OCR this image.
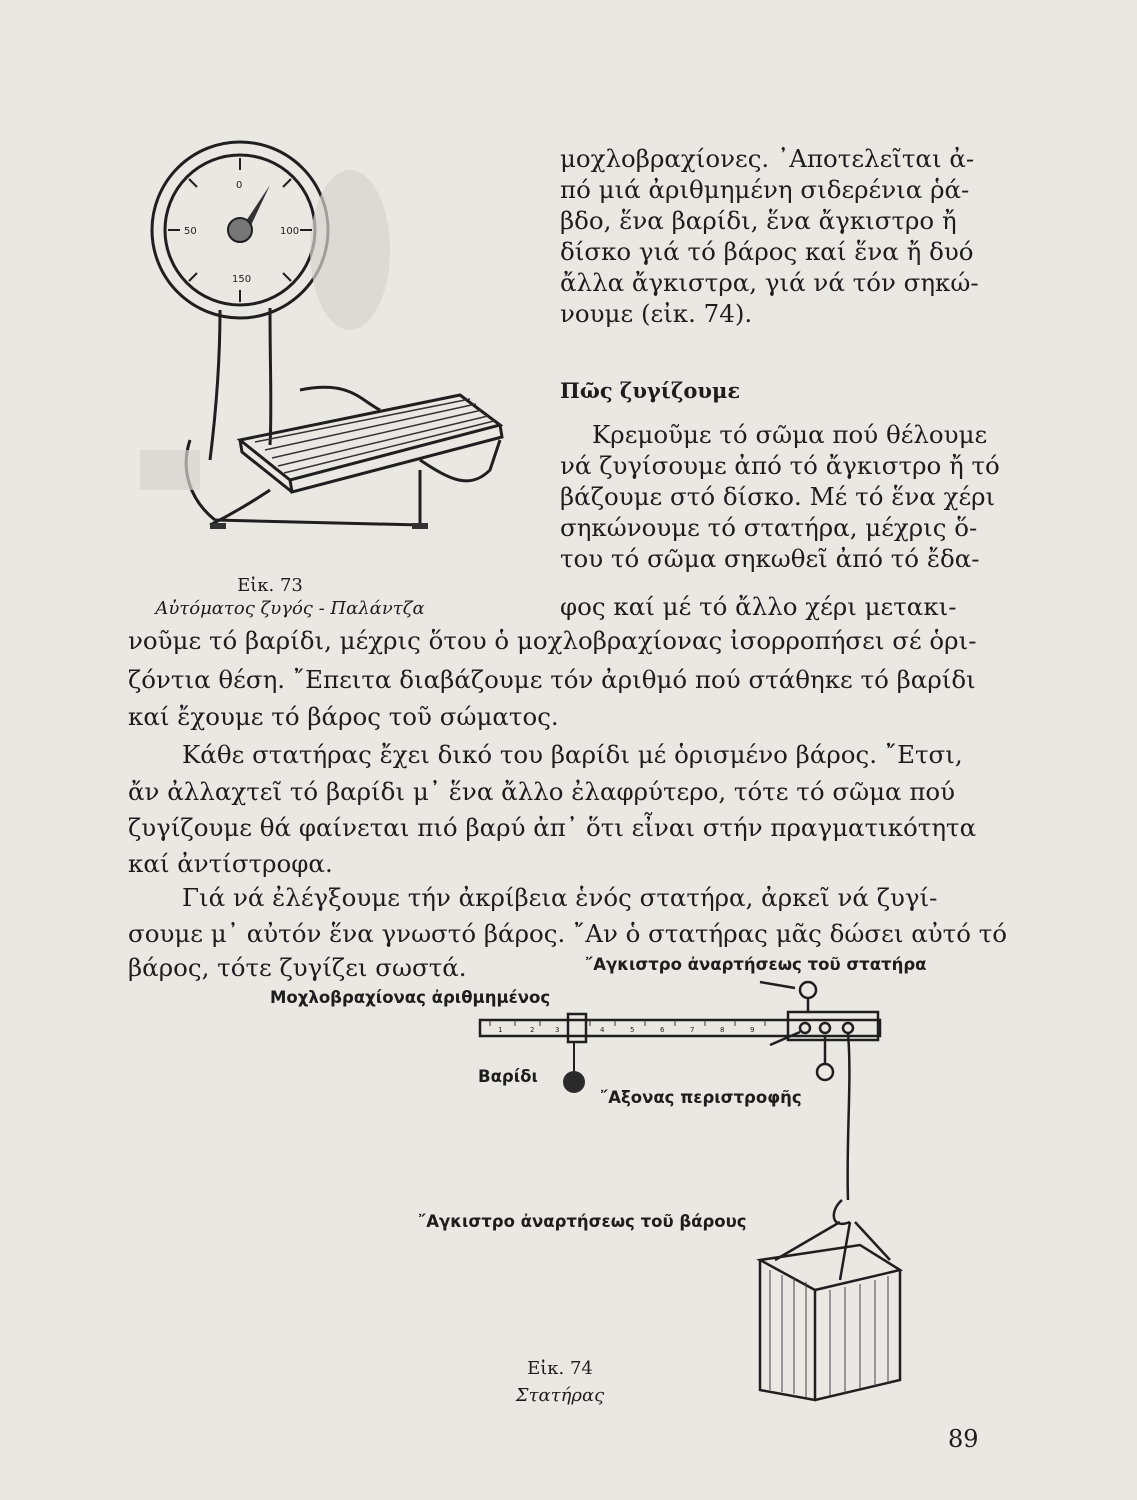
0
100
150
50
Εἰκ. 73
Αὐτόματος ζυγός - Παλάντζα
μοχλοβραχίονες. ᾿Αποτελεῖται ἀ-
πό μιά ἀριθμημένη σιδερένια ῥά-
βδο, ἕνα βαρίδι, ἕνα ἄγκιστρο ἤ
δίσκο γιά τό βάρος καί ἕνα ἤ δυό
ἄλλα ἄγκιστρα, γιά νά τόν σηκώ-
νουμε (εἰκ. 74).
Πῶς ζυγίζουμε
Κρεμοῦμε τό σῶμα πού θέλουμε
νά ζυγίσουμε ἀπό τό ἄγκιστρο ἤ τό
βάζουμε στό δίσκο. Μέ τό ἕνα χέρι
σηκώνουμε τό στατήρα, μέχρις ὅ-
του τό σῶμα σηκωθεῖ ἀπό τό ἔδα-
φος καί μέ τό ἄλλο χέρι μετακι-
νοῦμε τό βαρίδι, μέχρις ὅτου ὁ μοχλοβραχίονας ἰσορροπήσει σέ ὁρι-
ζόντια θέση. ῎Επειτα διαβάζουμε τόν ἀριθμό πού στάθηκε τό βαρίδι
καί ἔχουμε τό βάρος τοῦ σώματος.
Κάθε στατήρας ἔχει δικό του βαρίδι μέ ὁρισμένο βάρος. ῎Ετσι,
ἄν ἀλλαχτεῖ τό βαρίδι μ᾿ ἕνα ἄλλο ἐλαφρύτερο, τότε τό σῶμα πού
ζυγίζουμε θά φαίνεται πιό βαρύ ἀπ᾿ ὅτι εἶναι στήν πραγματικότητα
καί ἀντίστροφα.
Γιά νά ἐλέγξουμε τήν ἀκρίβεια ἑνός στατήρα, ἀρκεῖ νά ζυγί-
σουμε μ᾿ αὐτόν ἕνα γνωστό βάρος. ῎Αν ὁ στατήρας μᾶς δώσει αὐτό τό
βάρος, τότε ζυγίζει σωστά.	῎Αγκιστρο ἀναρτήσεως τοῦ στατήρα
Μοχλοβραχίονας ἀριθμημένος
Βαρίδι
῎Αξονας περιστροφῆς
῎Αγκιστρο ἀναρτήσεως τοῦ βάρους
1	2	3	4	5	6	7	8	9
Εἰκ. 74
Στατήρας
89
